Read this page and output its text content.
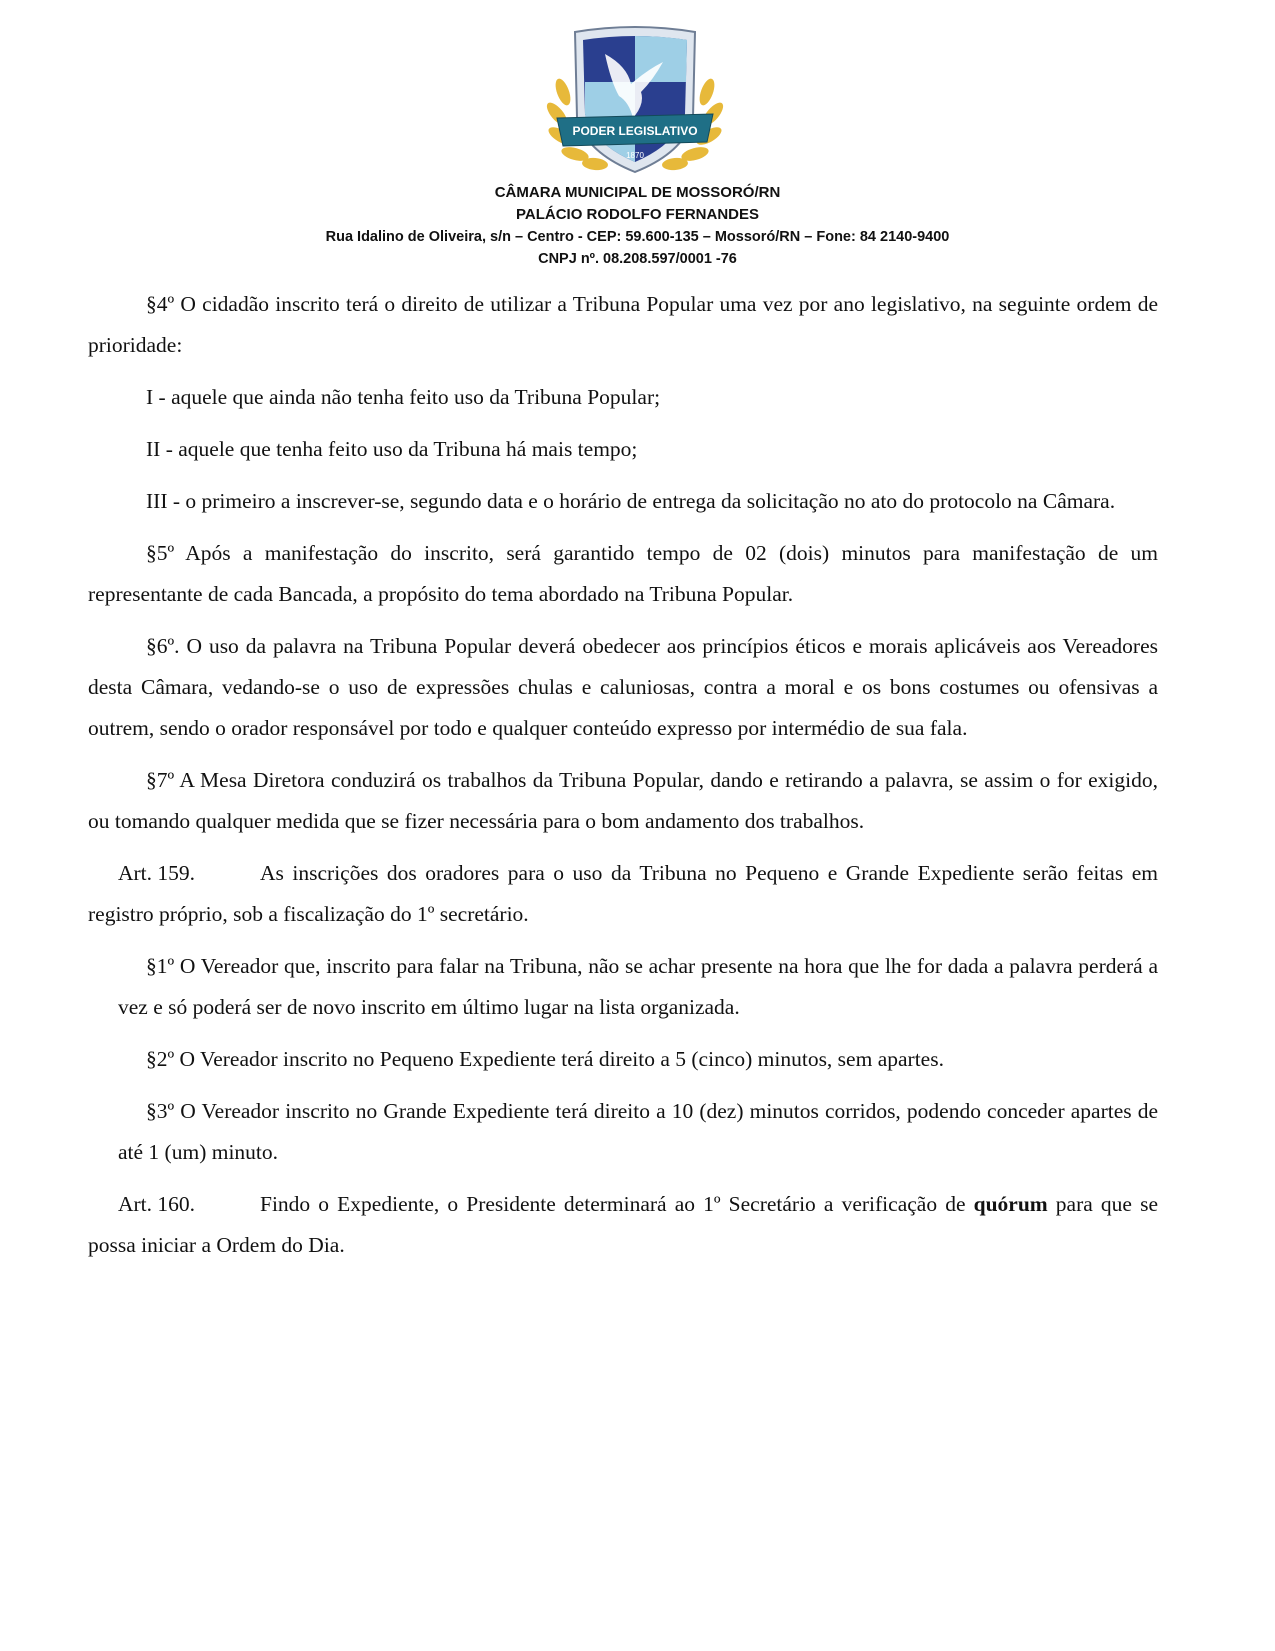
PODER LEGISLATIVO
1870
CÂMARA MUNICIPAL DE MOSSORÓ/RN
PALÁCIO RODOLFO FERNANDES
Rua Idalino de Oliveira, s/n – Centro - CEP: 59.600-135 – Mossoró/RN – Fone: 84 2140-9400
CNPJ nº. 08.208.597/0001 -76

§4º O cidadão inscrito terá o direito de utilizar a Tribuna Popular uma vez por ano legislativo, na seguinte ordem de prioridade:

I - aquele que ainda não tenha feito uso da Tribuna Popular;

II - aquele que tenha feito uso da Tribuna há mais tempo;

III - o primeiro a inscrever-se, segundo data e o horário de entrega da solicitação no ato do protocolo na Câmara.

§5º Após a manifestação do inscrito, será garantido tempo de 02 (dois) minutos para manifestação de um representante de cada Bancada, a propósito do tema abordado na Tribuna Popular.

§6º. O uso da palavra na Tribuna Popular deverá obedecer aos princípios éticos e morais aplicáveis aos Vereadores desta Câmara, vedando-se o uso de expressões chulas e caluniosas, contra a moral e os bons costumes ou ofensivas a outrem, sendo o orador responsável por todo e qualquer conteúdo expresso por intermédio de sua fala.

§7º A Mesa Diretora conduzirá os trabalhos da Tribuna Popular, dando e retirando a palavra, se assim o for exigido, ou tomando qualquer medida que se fizer necessária para o bom andamento dos trabalhos.

Art. 159.	As inscrições dos oradores para o uso da Tribuna no Pequeno e Grande Expediente serão feitas em registro próprio, sob a fiscalização do 1º secretário.

§1º O Vereador que, inscrito para falar na Tribuna, não se achar presente na hora que lhe for dada a palavra perderá a vez e só poderá ser de novo inscrito em último lugar na lista organizada.

§2º O Vereador inscrito no Pequeno Expediente terá direito a 5 (cinco) minutos, sem apartes.

§3º O Vereador inscrito no Grande Expediente terá direito a 10 (dez) minutos corridos, podendo conceder apartes de até 1 (um) minuto.

Art. 160.	Findo o Expediente, o Presidente determinará ao 1º Secretário a verificação de quórum para que se possa iniciar a Ordem do Dia.
